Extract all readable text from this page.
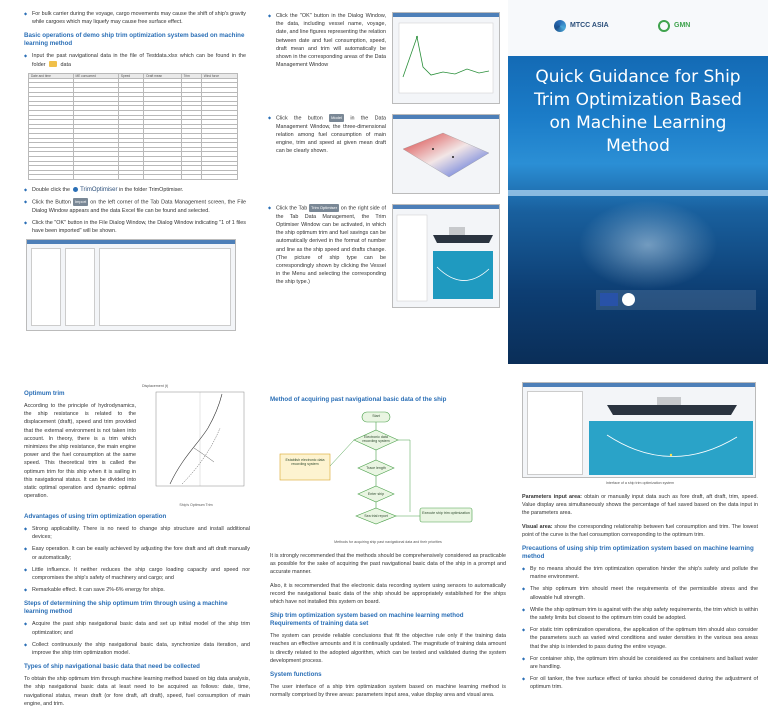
◆ For bulk carrier during the voyage, cargo movements may cause the shift of ship's gravity while cargoes which may liquefy may cause free surface effect.
Basic operations of demo ship trim optimization system based on machine learning method
◆ Input the past navigational data in the file of Testdata.xlsx which can be found in the folder	data
Date and time	ME consumed	Speed	Draft mean	Trim	Wind force

◆ Double click the TrimOptimiser in the folder TrimOptimiser.
◆ Click the Button Import on the left corner of the Tab Data Management screen, the File Dialog Window appears and the data Excel file can be found and selected.
◆ Click the "OK" button in the File Dialog Window, the Dialog Window indicating "1 of 1 files have been imported" will be shown.
◆ Click the "OK" button in the Dialog Window, the data, including vessel name, voyage, date, and line figures representing the relation between date and fuel consumption, speed, draft mean and trim will automatically be shown in the corresponding areas of the Data Management Window
◆ Click the button Model in the Data Management Window, the three-dimensional relation among fuel consumption of main engine, trim and speed at given mean draft can be clearly shown.
◆ Click the Tab Trim Optimiser on the right side of the Tab Data Management, the Trim Optimiser Window can be activated, in which the ship optimum trim and fuel savings can be automatically derived in the format of number and line as the ship speed and drafts change. (The picture of ship type can be correspondingly shown by clicking the Vessel in the Menu and selecting the corresponding the ship type.)
MTCC ASIA	GMN
Quick Guidance for Ship Trim Optimization Based on Machine Learning Method
Optimum trim
According to the principle of hydrodynamics, the ship resistance is related to the displacement (draft), speed and trim provided that the external environment is not taken into account. In theory, there is a trim which minimizes the ship resistance, the main engine power and the fuel consumption at the same speed. This theoretical trim is called the optimum trim for this ship when it is sailing in this navigational status. It can be divided into static optimal operation and dynamic optimal operation.
Displacement (t)
Ship's Optimum Trim
Advantages of using trim optimization operation
◆ Strong applicability. There is no need to change ship structure and install additional devices;
◆ Easy operation. It can be easily achieved by adjusting the fore draft and aft draft manually or automatically;
◆ Little influence. It neither reduces the ship cargo loading capacity and speed nor compromises the ship's safety of machinery and cargo; and
◆ Remarkable effect. It can save 2%-6% energy for ships.
Steps of determining the ship optimum trim through using a machine learning method
◆ Acquire the past ship navigational basic data and set up initial model of the ship trim optimization; and
◆ Collect continuously the ship navigational basic data, synchronize data iteration, and improve the ship trim optimization model.
Types of ship navigational basic data that need be collected
To obtain the ship optimum trim through machine learning method based on big data analysis, the ship navigational basic data at least need to be acquired as follows: date, time, navigational status, mean draft (or fore draft, aft draft), speed, fuel consumption of main engine, and trim.
Method of acquiring past navigational basic data of the ship
Start
Electronic data recording system
Establish electronic data recording system
Trace length
Enter ship
Sea trial report
Execute ship trim optimization
Methods for acquiring ship past navigational data and their priorities
It is strongly recommended that the methods should be comprehensively considered as practicable as possible for the sake of acquiring the past navigational basic data of the ship in a prompt and accurate manner.
Also, it is recommended that the electronic data recording system using sensors to automatically record the navigational basic data of the ship should be appropriately established for the ships which have not installed this system on board.
Ship trim optimization system based on machine learning method Requirements of training data set
The system can provide reliable conclusions that fit the objective rule only if the training data reaches an effective amounts and it is continually updated. The magnitude of training data amount is directly related to the adopted algorithm, which can be tested and validated during the system development process.
System functions
The user interface of a ship trim optimization system based on machine learning method is normally comprised by three areas: parameters input area, value display area and visual area.
Interface of a ship trim optimization system
Parameters input area: obtain or manually input data such as fore draft, aft draft, trim, speed. Value display area simultaneously shows the percentage of fuel saved based on the data input in the parameters area.
Visual area: show the corresponding relationship between fuel consumption and trim. The lowest point of the curve is the fuel consumption corresponding to the optimum trim.
Precautions of using ship trim optimization system based on machine learning method
◆ By no means should the trim optimization operation hinder the ship's safety and pollute the marine environment.
◆ The ship optimum trim should meet the requirements of the permissible stress and the allowable hull strength.
◆ While the ship optimum trim is against with the ship safety requirements, the trim which is within the safety limits but closest to the optimum trim could be adopted.
◆ For static trim optimization operations, the application of the optimum trim should also consider the parameters such as varied wind conditions and water densities in the various sea areas that the ship is intended to pass during the entire voyage.
◆ For container ship, the optimum trim should be considered as the containers and ballast water are handling.
◆ For oil tanker, the free surface effect of tanks should be considered during the adjustment of optimum trim.
